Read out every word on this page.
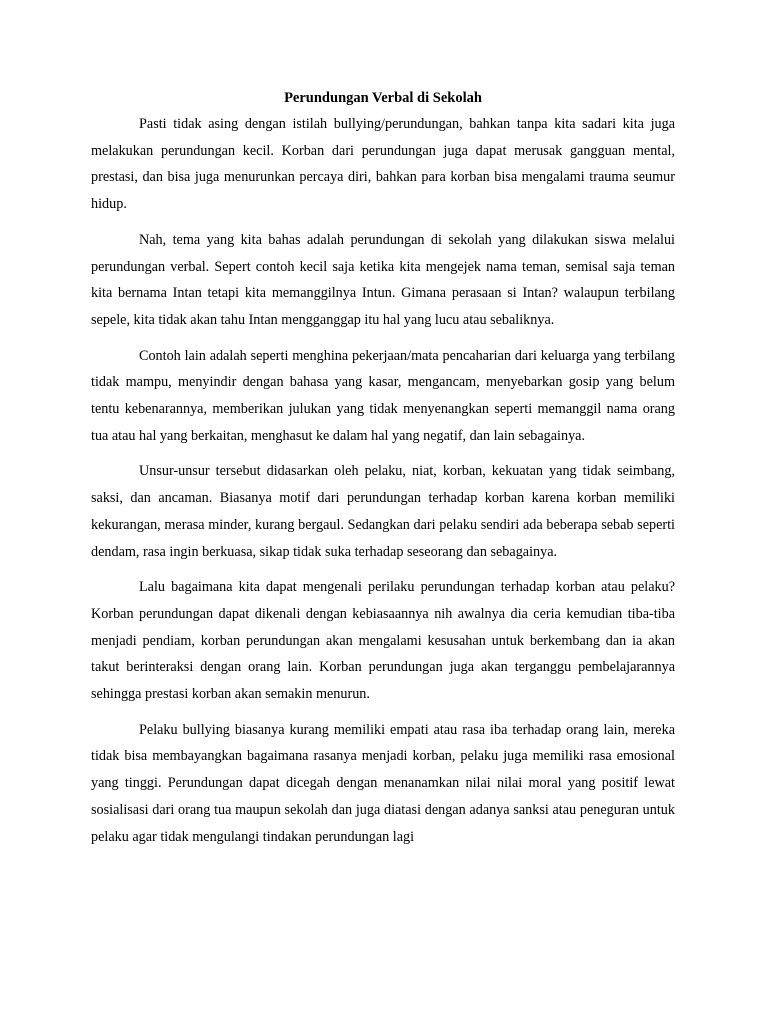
Perundungan Verbal di Sekolah

Pasti tidak asing dengan istilah bullying/perundungan, bahkan tanpa kita sadari kita juga melakukan perundungan kecil. Korban dari perundungan juga dapat merusak gangguan mental, prestasi, dan bisa juga menurunkan percaya diri, bahkan para korban bisa mengalami trauma seumur hidup.

Nah, tema yang kita bahas adalah perundungan di sekolah yang dilakukan siswa melalui perundungan verbal. Sepert contoh kecil saja ketika kita mengejek nama teman, semisal saja teman kita bernama Intan tetapi kita memanggilnya Intun. Gimana perasaan si Intan? walaupun terbilang sepele, kita tidak akan tahu Intan mengganggap itu hal yang lucu atau sebaliknya.

Contoh lain adalah seperti menghina pekerjaan/mata pencaharian dari keluarga yang terbilang tidak mampu, menyindir dengan bahasa yang kasar, mengancam, menyebarkan gosip yang belum tentu kebenarannya, memberikan julukan yang tidak menyenangkan seperti memanggil nama orang tua atau hal yang berkaitan, menghasut ke dalam hal yang negatif, dan lain sebagainya.

Unsur-unsur tersebut didasarkan oleh pelaku, niat, korban, kekuatan yang tidak seimbang, saksi, dan ancaman. Biasanya motif dari perundungan terhadap korban karena korban memiliki kekurangan, merasa minder, kurang bergaul. Sedangkan dari pelaku sendiri ada beberapa sebab seperti dendam, rasa ingin berkuasa, sikap tidak suka terhadap seseorang dan sebagainya.

Lalu bagaimana kita dapat mengenali perilaku perundungan terhadap korban atau pelaku? Korban perundungan dapat dikenali dengan kebiasaannya nih awalnya dia ceria kemudian tiba-tiba menjadi pendiam, korban perundungan akan mengalami kesusahan untuk berkembang dan ia akan takut berinteraksi dengan orang lain. Korban perundungan juga akan terganggu pembelajarannya sehingga prestasi korban akan semakin menurun.

Pelaku bullying biasanya kurang memiliki empati atau rasa iba terhadap orang lain, mereka tidak bisa membayangkan bagaimana rasanya menjadi korban, pelaku juga memiliki rasa emosional yang tinggi. Perundungan dapat dicegah dengan menanamkan nilai nilai moral yang positif lewat sosialisasi dari orang tua maupun sekolah dan juga diatasi dengan adanya sanksi atau peneguran untuk pelaku agar tidak mengulangi tindakan perundungan lagi
